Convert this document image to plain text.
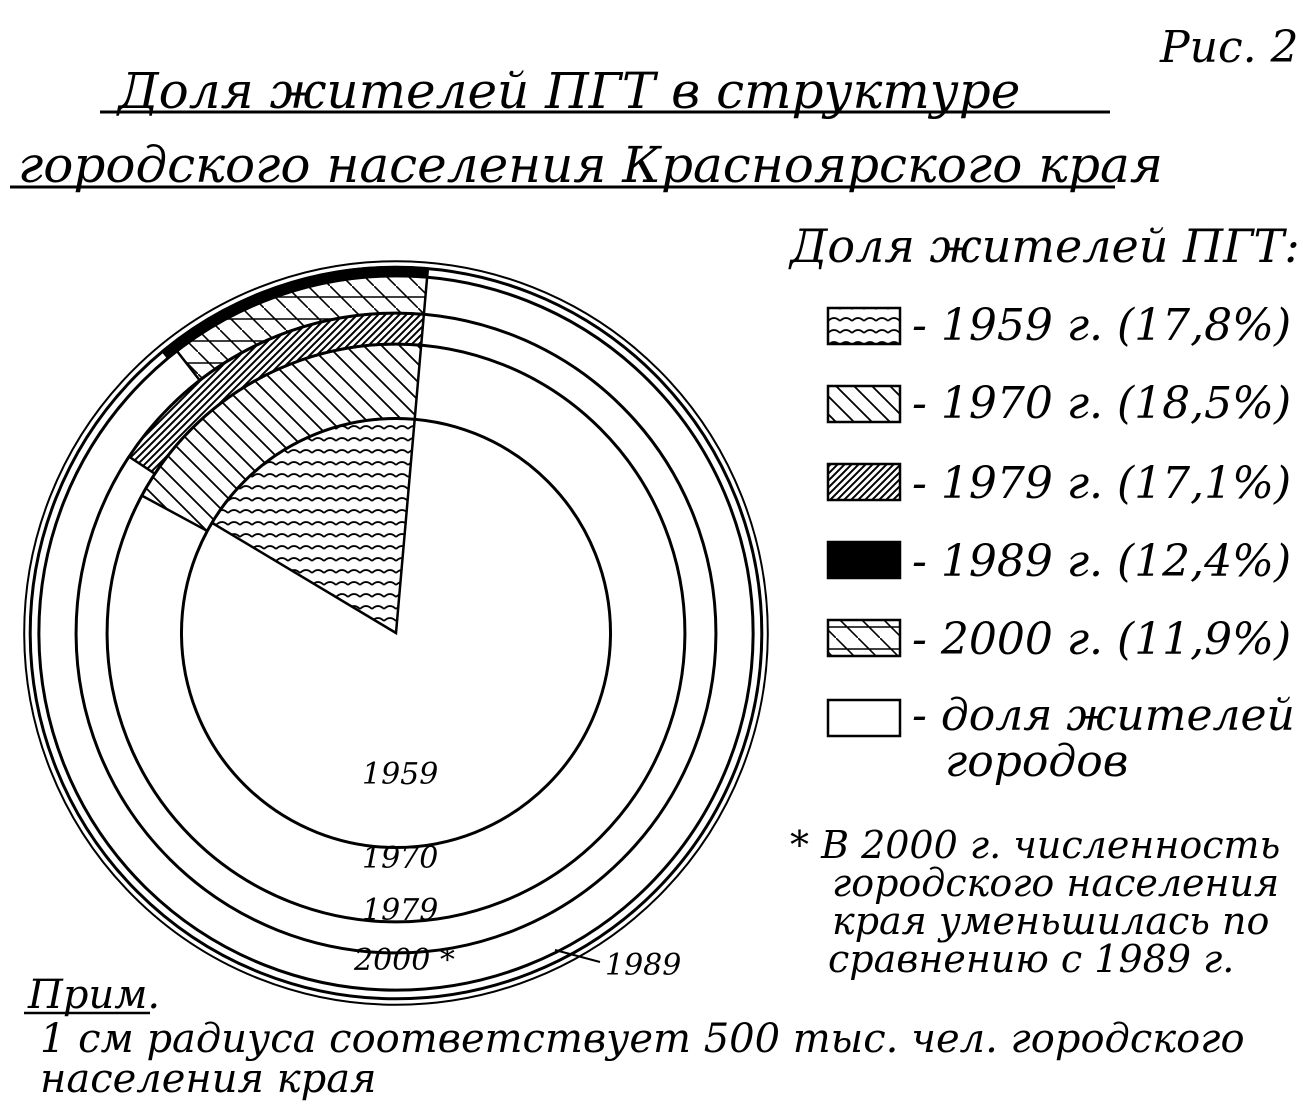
Рис. 2
Доля жителей ПГТ в структуре
городского населения Красноярского края
1959
1970
1979
2000 *	1989
Доля жителей ПГТ:
- 1959 г. (17,8%)
- 1970 г. (18,5%)
- 1979 г. (17,1%)
- 1989 г. (12,4%)
- 2000 г. (11,9%)
- доля жителей
городов
* В 2000 г. численность
городского населения
края уменьшилась по
сравнению с 1989 г.
Прим.
1 см радиуса соответствует 500 тыс. чел. городского
населения края
